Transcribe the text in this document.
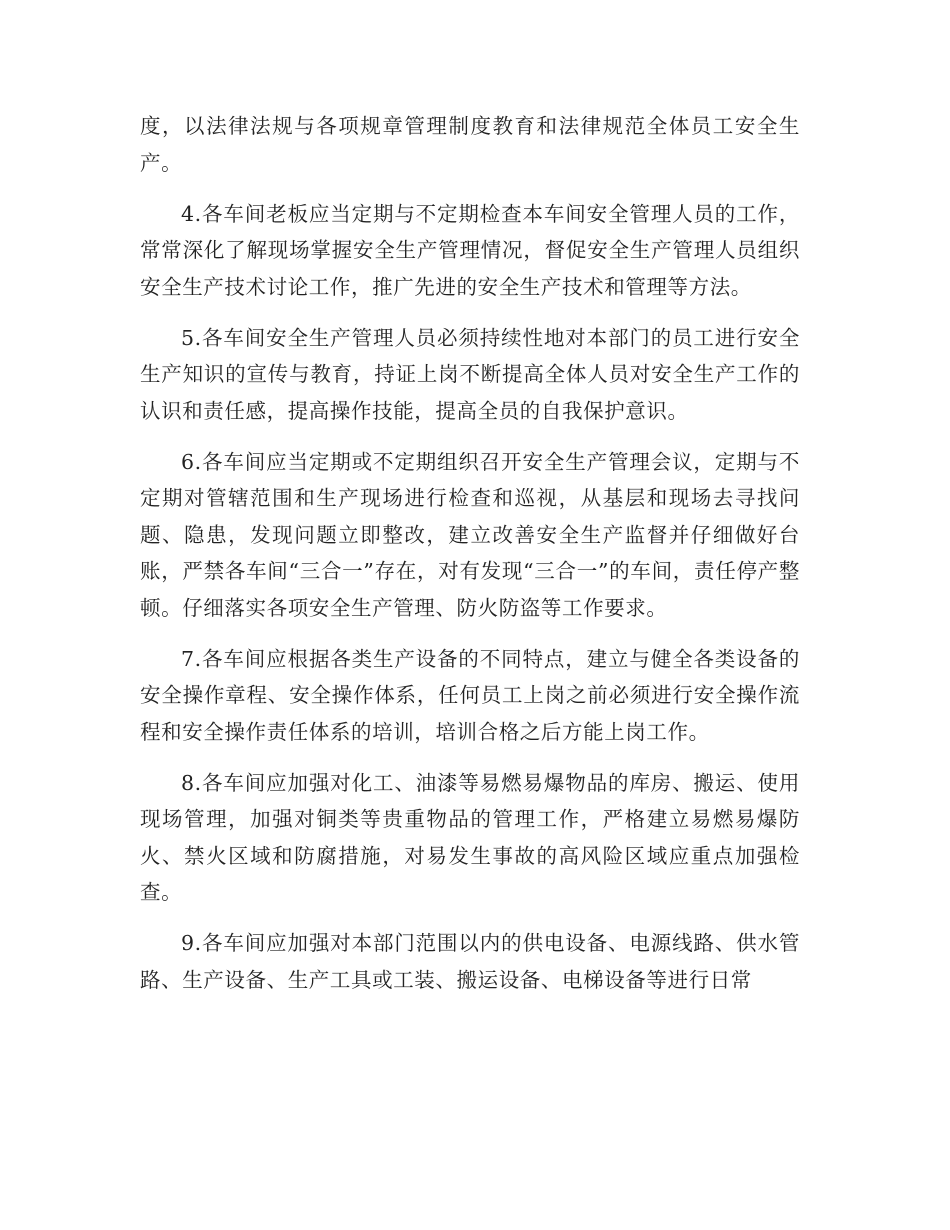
度，以法律法规与各项规章管理制度教育和法律规范全体员工安全生产。

4.各车间老板应当定期与不定期检查本车间安全管理人员的工作，常常深化了解现场掌握安全生产管理情况，督促安全生产管理人员组织安全生产技术讨论工作，推广先进的安全生产技术和管理等方法。

5.各车间安全生产管理人员必须持续性地对本部门的员工进行安全生产知识的宣传与教育，持证上岗不断提高全体人员对安全生产工作的认识和责任感，提高操作技能，提高全员的自我保护意识。

6.各车间应当定期或不定期组织召开安全生产管理会议，定期与不定期对管辖范围和生产现场进行检查和巡视，从基层和现场去寻找问题、隐患，发现问题立即整改，建立改善安全生产监督并仔细做好台账，严禁各车间“三合一”存在，对有发现“三合一”的车间，责任停产整顿。仔细落实各项安全生产管理、防火防盗等工作要求。

7.各车间应根据各类生产设备的不同特点，建立与健全各类设备的安全操作章程、安全操作体系，任何员工上岗之前必须进行安全操作流程和安全操作责任体系的培训，培训合格之后方能上岗工作。

8.各车间应加强对化工、油漆等易燃易爆物品的库房、搬运、使用现场管理，加强对铜类等贵重物品的管理工作，严格建立易燃易爆防火、禁火区域和防腐措施，对易发生事故的高风险区域应重点加强检查。

9.各车间应加强对本部门范围以内的供电设备、电源线路、供水管路、生产设备、生产工具或工装、搬运设备、电梯设备等进行日常
